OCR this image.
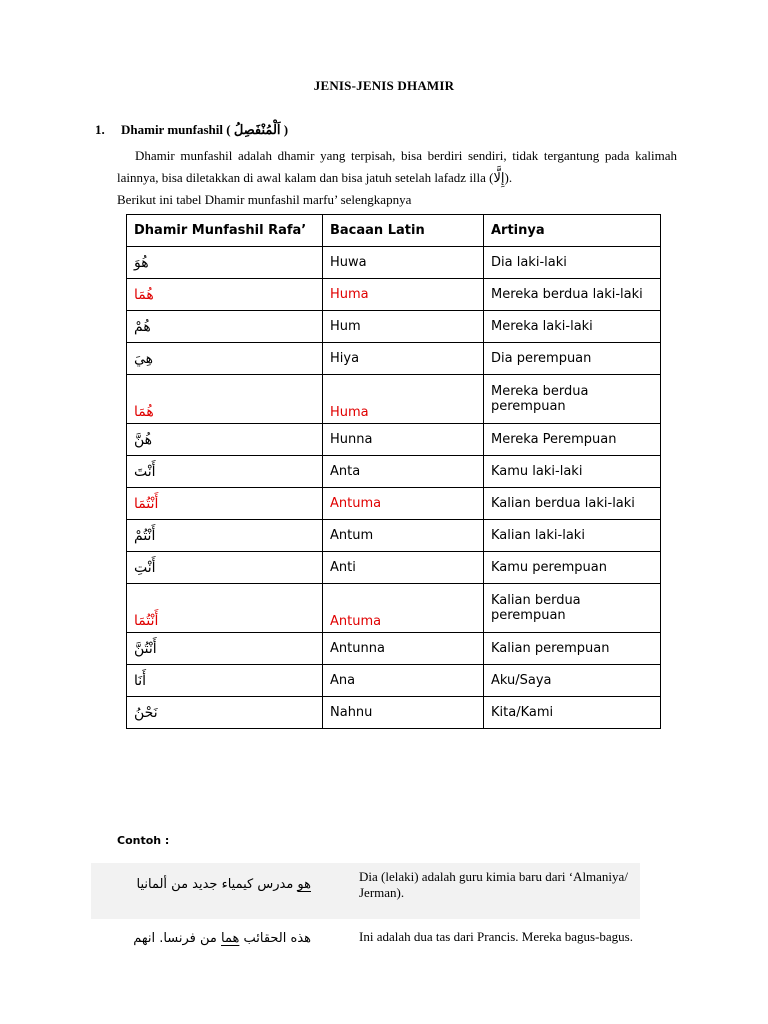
JENIS-JENIS DHAMIR
1. Dhamir munfashil ( اَلْمُنْفَصِلُ )

Dhamir munfashil adalah dhamir yang terpisah, bisa berdiri sendiri, tidak tergantung pada kalimah lainnya, bisa diletakkan di awal kalam dan bisa jatuh setelah lafadz illa (إِلَّا).

Berikut ini tabel Dhamir munfashil marfu’ selengkapnya

Dhamir Munfashil Rafa’	Bacaan Latin	Artinya
هُوَ	Huwa	Dia laki-laki
هُمَا	Huma	Mereka berdua laki-laki
هُمْ	Hum	Mereka laki-laki
هِيَ	Hiya	Dia perempuan
هُمَا	Huma	Mereka berdua perempuan
هُنَّ	Hunna	Mereka Perempuan
أَنْتَ	Anta	Kamu laki-laki
أَنْتُمَا	Antuma	Kalian berdua laki-laki
أَنْتُمْ	Antum	Kalian laki-laki
أَنْتِ	Anti	Kamu perempuan
أَنْتُمَا	Antuma	Kalian berdua perempuan
أَنْتُنَّ	Antunna	Kalian perempuan
أَنَا	Ana	Aku/Saya
نَحْنُ	Nahnu	Kita/Kami
Contoh :
هو مدرس كيمياء جديد من ألمانيا	Dia (lelaki) adalah guru kimia baru dari ‘Almaniya/ Jerman).
هذه الحقائب هما من فرنسا. انهم	Ini adalah dua tas dari Prancis. Mereka bagus-bagus.
